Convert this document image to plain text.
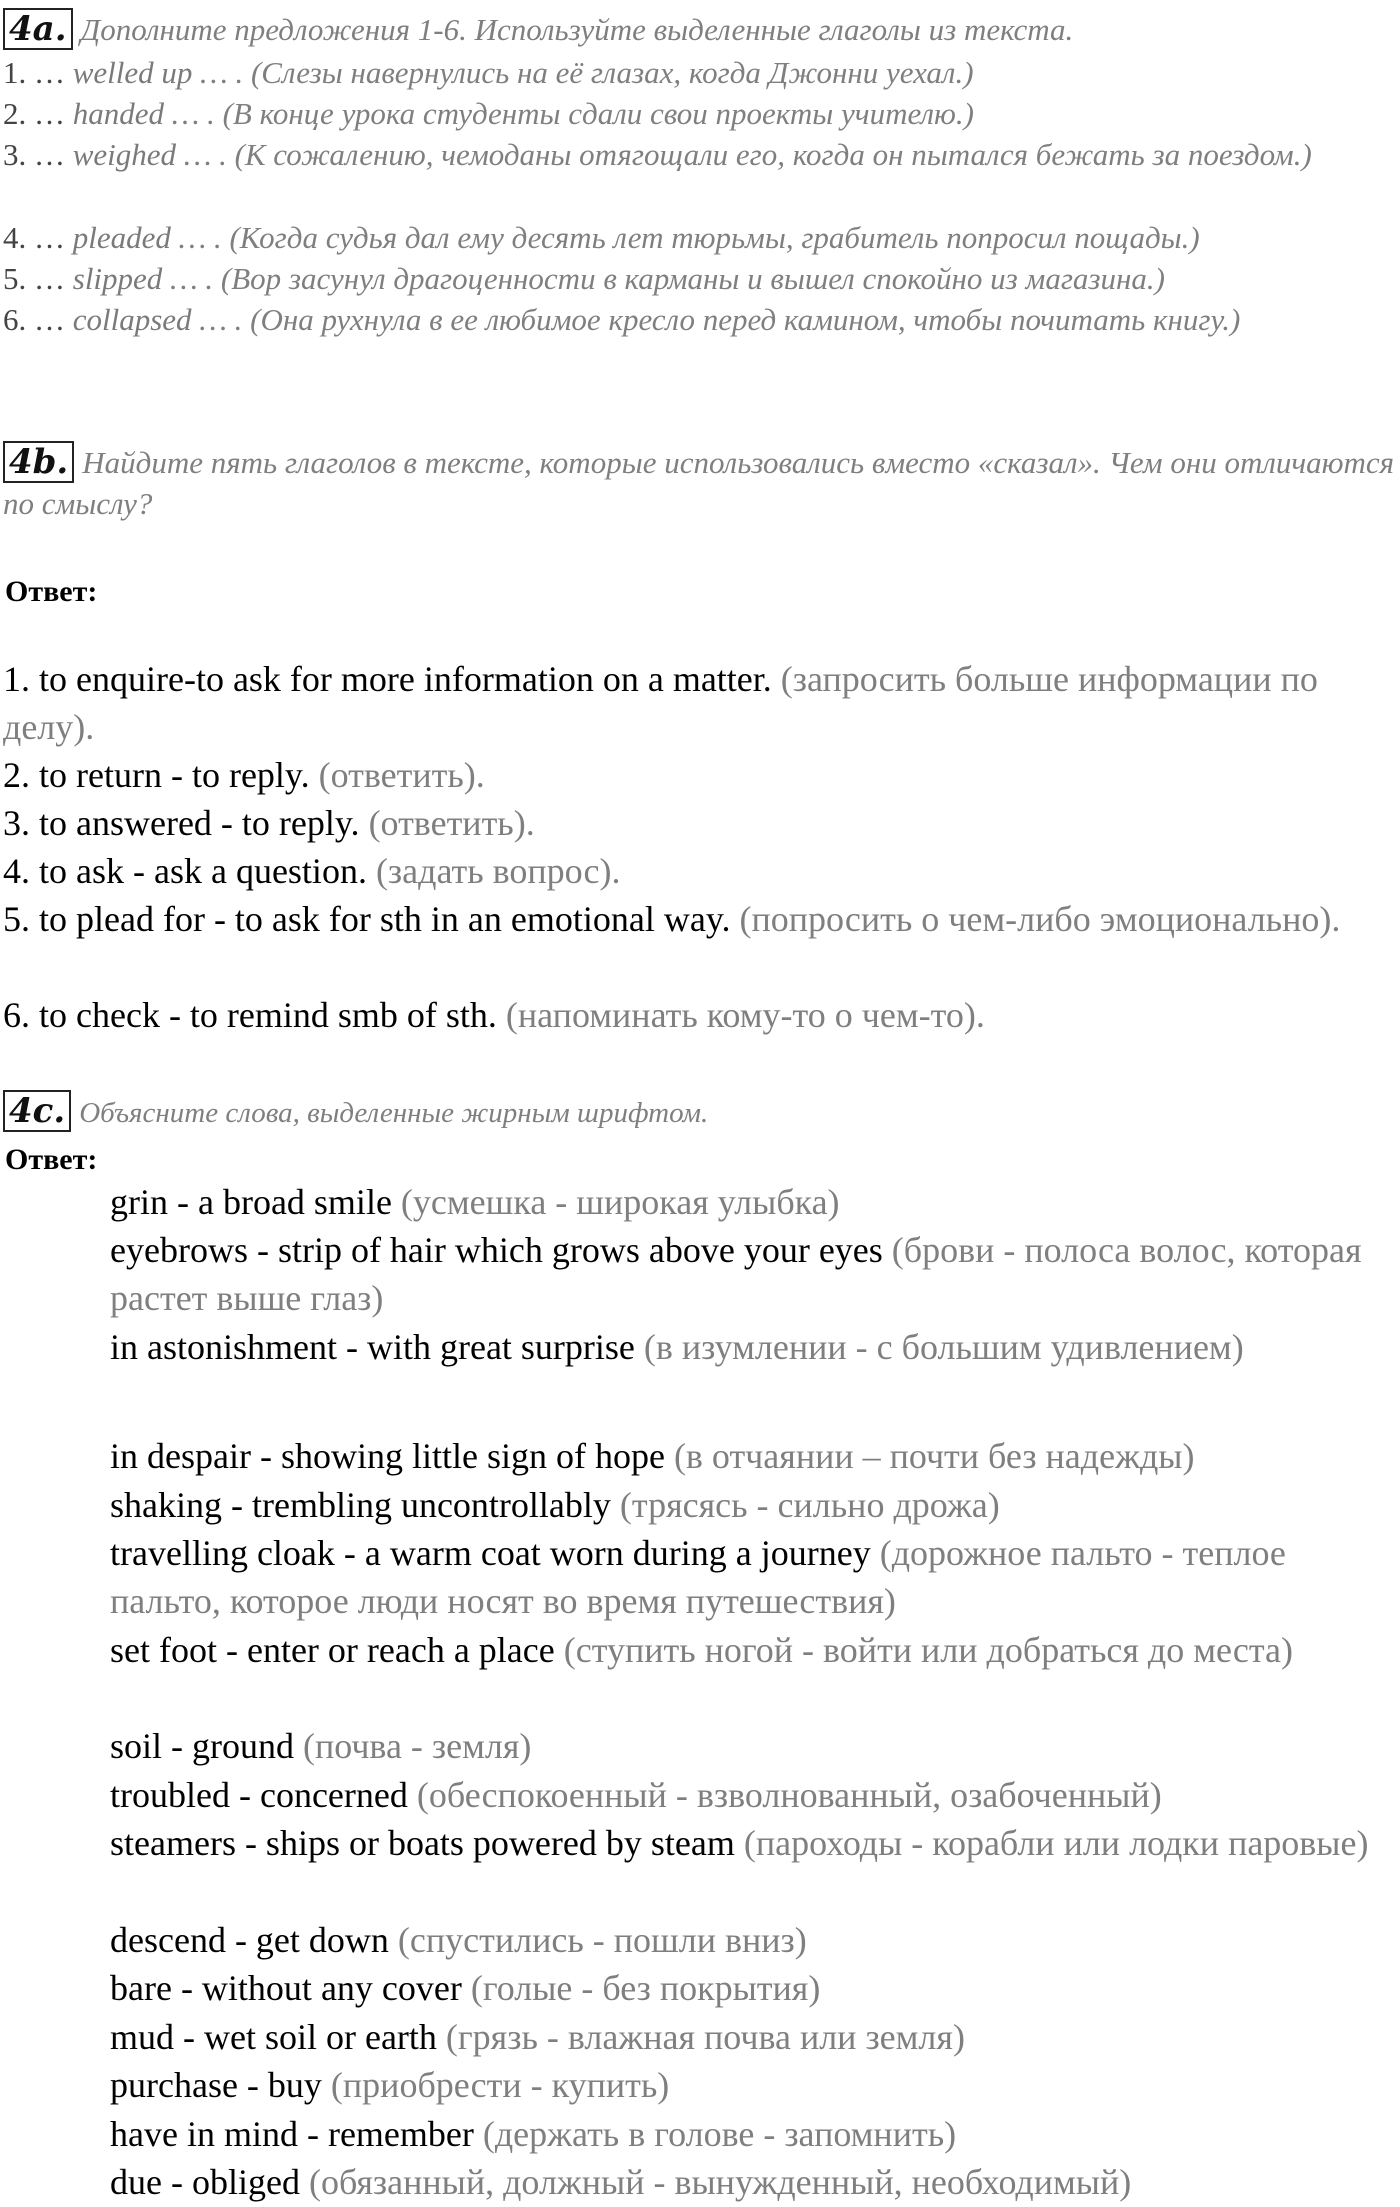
4a. Дополните предложения 1-6. Используйте выделенные глаголы из текста.
1. … welled up … . (Слезы навернулись на её глазах, когда Джонни уехал.)
2. … handed … . (В конце урока студенты сдали свои проекты учителю.)
3. … weighed … . (К сожалению, чемоданы отягощали его, когда он пытался бежать за поездом.)
4. … pleaded … . (Когда судья дал ему десять лет тюрьмы, грабитель попросил пощады.)
5. … slipped … . (Вор засунул драгоценности в карманы и вышел спокойно из магазина.)
6. … collapsed … . (Она рухнула в ее любимое кресло перед камином, чтобы почитать книгу.)
4b. Найдите пять глаголов в тексте, которые использовались вместо «сказал». Чем они отличаются по смыслу?
Ответ:
1. to enquire-to ask for more information on a matter. (запросить больше информации по делу).
2. to return - to reply. (ответить).
3. to answered - to reply. (ответить).
4. to ask - ask a question. (задать вопрос).
5. to plead for - to ask for sth in an emotional way. (попросить о чем-либо эмоционально).
6. to check - to remind smb of sth. (напоминать кому-то о чем-то).
4c. Объясните слова, выделенные жирным шрифтом.
Ответ:
grin - a broad smile (усмешка - широкая улыбка)
eyebrows - strip of hair which grows above your eyes (брови - полоса волос, которая растет выше глаз)
in astonishment - with great surprise (в изумлении - с большим удивлением)
in despair - showing little sign of hope (в отчаянии – почти без надежды)
shaking - trembling uncontrollably (трясясь - сильно дрожа)
travelling cloak - a warm coat worn during a journey (дорожное пальто - теплое пальто, которое люди носят во время путешествия)
set foot - enter or reach a place (ступить ногой - войти или добраться до места)
soil - ground (почва - земля)
troubled - concerned (обеспокоенный - взволнованный, озабоченный)
steamers - ships or boats powered by steam (пароходы - корабли или лодки паровые)
descend - get down (спустились - пошли вниз)
bare - without any cover (голые - без покрытия)
mud - wet soil or earth (грязь - влажная почва или земля)
purchase - buy (приобрести - купить)
have in mind - remember (держать в голове - запомнить)
due - obliged (обязанный, должный - вынужденный, необходимый)
